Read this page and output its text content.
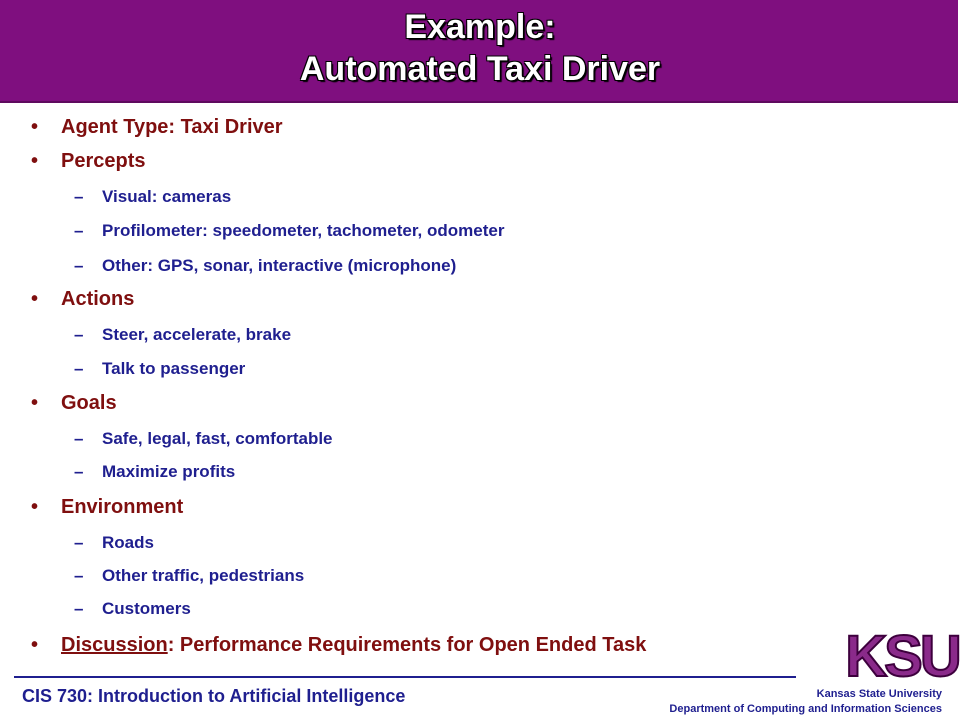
Example:
Automated Taxi Driver
• Agent Type: Taxi Driver
• Percepts
– Visual: cameras
– Profilometer: speedometer, tachometer, odometer
– Other: GPS, sonar, interactive (microphone)
• Actions
– Steer, accelerate, brake
– Talk to passenger
• Goals
– Safe, legal, fast, comfortable
– Maximize profits
• Environment
– Roads
– Other traffic, pedestrians
– Customers
• Discussion: Performance Requirements for Open Ended Task
CIS 730: Introduction to Artificial Intelligence
KSU
Kansas State University
Department of Computing and Information Sciences
